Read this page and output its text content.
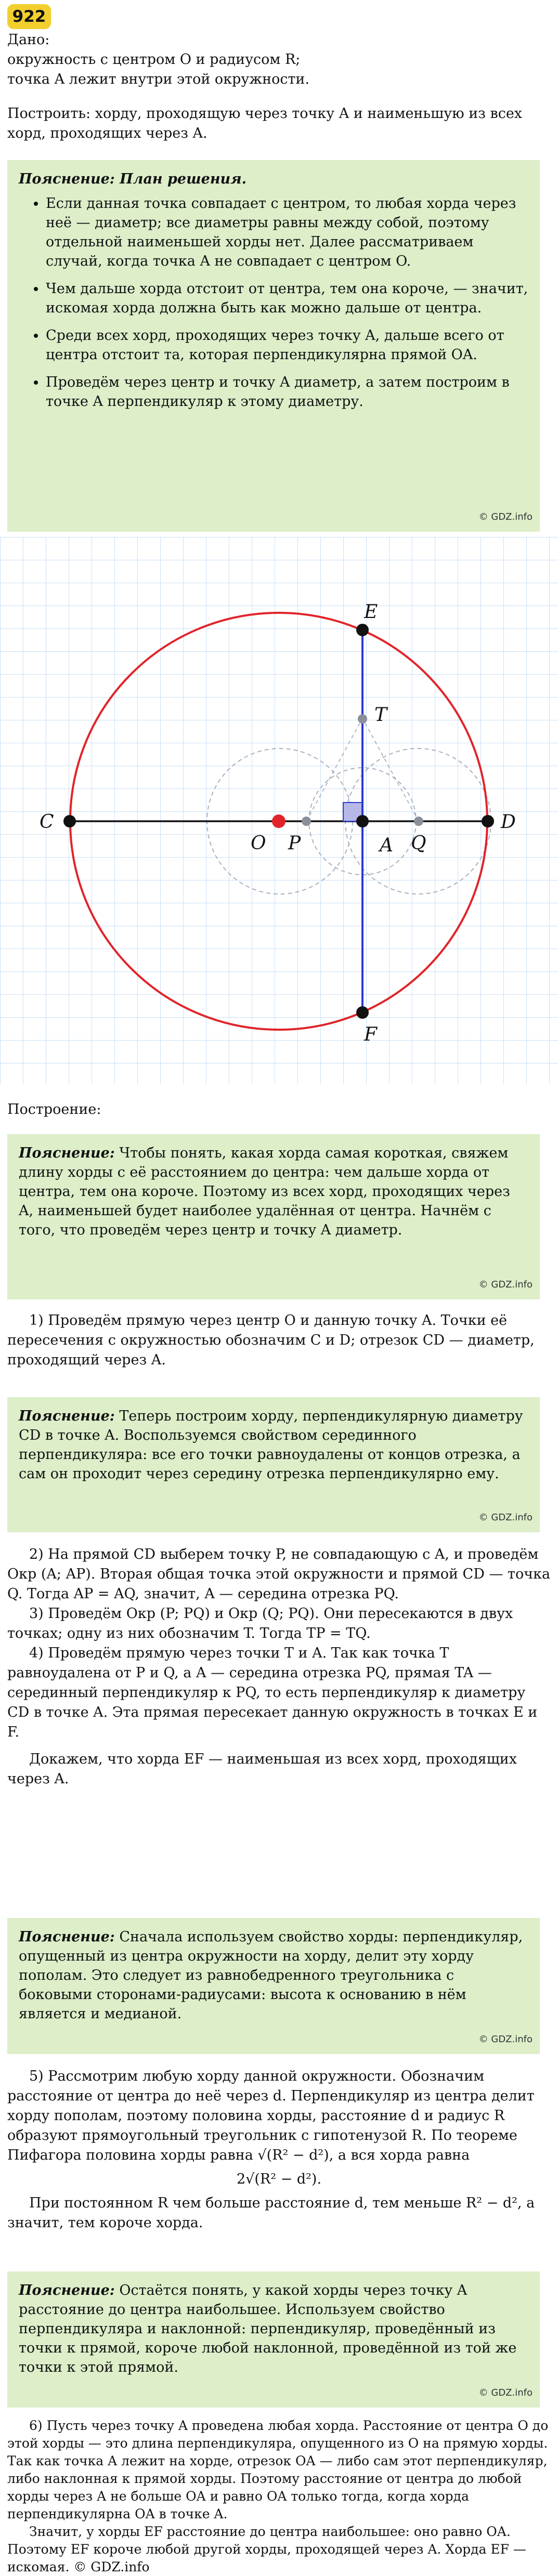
922

Дано:

окружность с центром O и радиусом R;

точка A лежит внутри этой окружности.

Построить: хорду, проходящую через точку A и наименьшую из всех хорд, проходящих через A.

Пояснение: План решения.

• Если данная точка совпадает с центром, то любая хорда через неё — диаметр; все диаметры равны между собой, поэтому отдельной наименьшей хорды нет. Далее рассматриваем случай, когда точка A не совпадает с центром O.
• Чем дальше хорда отстоит от центра, тем она короче, — значит, искомая хорда должна быть как можно дальше от центра.
• Среди всех хорд, проходящих через точку A, дальше всего от центра отстоит та, которая перпендикулярна прямой OA.
• Проведём через центр и точку A диаметр, а затем построим в точке A перпендикуляр к этому диаметру.
© GDZ.info
E
T
C	D
O P	A Q
F

Построение:

Пояснение: Чтобы понять, какая хорда самая короткая, свяжем длину хорды с её расстоянием до центра: чем дальше хорда от центра, тем она короче. Поэтому из всех хорд, проходящих через A, наименьшей будет наиболее удалённая от центра. Начнём с того, что проведём через центр и точку A диаметр.

© GDZ.info

1) Проведём прямую через центр O и данную точку A. Точки её пересечения с окружностью обозначим C и D; отрезок CD — диаметр, проходящий через A.

Пояснение: Теперь построим хорду, перпендикулярную диаметру CD в точке A. Воспользуемся свойством серединного перпендикуляра: все его точки равноудалены от концов отрезка, а сам он проходит через середину отрезка перпендикулярно ему.

© GDZ.info

2) На прямой CD выберем точку P, не совпадающую с A, и проведём Окр (A; AP). Вторая общая точка этой окружности и прямой CD — точка Q. Тогда AP = AQ, значит, A — середина отрезка PQ.

3) Проведём Окр (P; PQ) и Окр (Q; PQ). Они пересекаются в двух точках; одну из них обозначим T. Тогда TP = TQ.

4) Проведём прямую через точки T и A. Так как точка T равноудалена от P и Q, а A — середина отрезка PQ, прямая TA — серединный перпендикуляр к PQ, то есть перпендикуляр к диаметру CD в точке A. Эта прямая пересекает данную окружность в точках E и F.

Докажем, что хорда EF — наименьшая из всех хорд, проходящих через A.

Пояснение: Сначала используем свойство хорды: перпендикуляр, опущенный из центра окружности на хорду, делит эту хорду пополам. Это следует из равнобедренного треугольника с боковыми сторонами-радиусами: высота к основанию в нём является и медианой.

© GDZ.info

5) Рассмотрим любую хорду данной окружности. Обозначим расстояние от центра до неё через d. Перпендикуляр из центра делит хорду пополам, поэтому половина хорды, расстояние d и радиус R образуют прямоугольный треугольник с гипотенузой R. По теореме Пифагора половина хорды равна √(R² − d²), а вся хорда равна

2√(R² − d²).

При постоянном R чем больше расстояние d, тем меньше R² − d², а значит, тем короче хорда.

Пояснение: Остаётся понять, у какой хорды через точку A расстояние до центра наибольшее. Используем свойство перпендикуляра и наклонной: перпендикуляр, проведённый из точки к прямой, короче любой наклонной, проведённой из той же точки к этой прямой.

© GDZ.info

6) Пусть через точку A проведена любая хорда. Расстояние от центра O до этой хорды — это длина перпендикуляра, опущенного из O на прямую хорды. Так как точка A лежит на хорде, отрезок OA — либо сам этот перпендикуляр, либо наклонная к прямой хорды. Поэтому расстояние от центра до любой хорды через A не больше OA и равно OA только тогда, когда хорда перпендикулярна OA в точке A.

Значит, у хорды EF расстояние до центра наибольшее: оно равно OA. Поэтому EF короче любой другой хорды, проходящей через A. Хорда EF — искомая. © GDZ.info
